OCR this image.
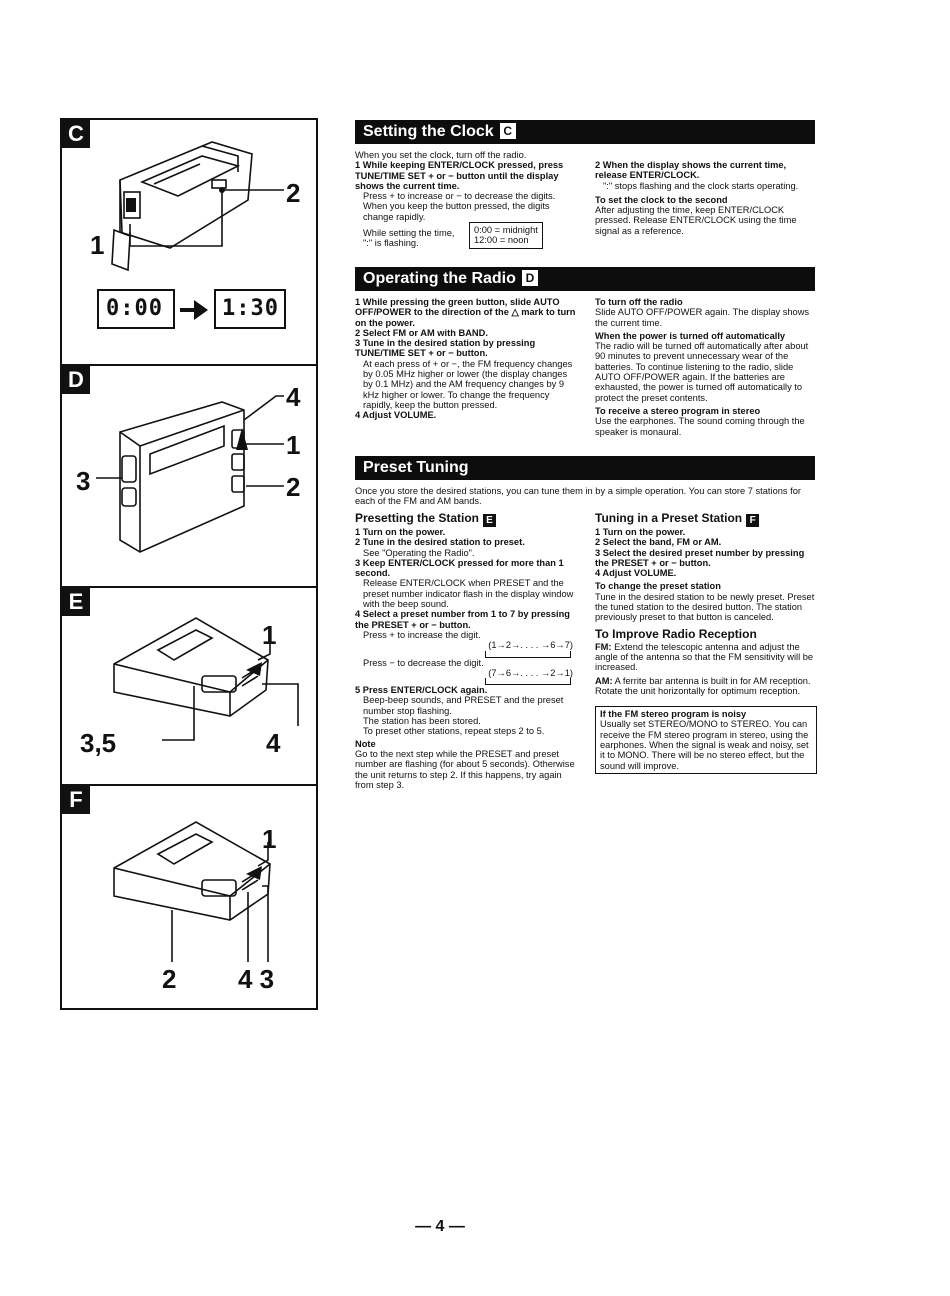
C
2
1
0:00	1:30
D
4
1
2
3
E
1
3,5	4
F
1
2 4 3
Setting the Clock C

When you set the clock, turn off the radio.

1 While keeping ENTER/CLOCK pressed, press TUNE/TIME SET + or − button until the display shows the current time.

Press + to increase or − to decrease the digits. When you keep the button pressed, the digits change rapidly.

While setting the time, ":" is flashing.

0:00 = midnight

12:00 = noon

2 When the display shows the current time, release ENTER/CLOCK.

":" stops flashing and the clock starts operating.

To set the clock to the second

After adjusting the time, keep ENTER/CLOCK pressed. Release ENTER/CLOCK using the time signal as a reference.

Operating the Radio D

1 While pressing the green button, slide AUTO OFF/POWER to the direction of the △ mark to turn on the power.

2 Select FM or AM with BAND.

3 Tune in the desired station by pressing TUNE/TIME SET + or − button.

At each press of + or −, the FM frequency changes by 0.05 MHz higher or lower (the display changes by 0.1 MHz) and the AM frequency changes by 9 kHz higher or lower. To change the frequency rapidly, keep the button pressed.

4 Adjust VOLUME.

To turn off the radio

Slide AUTO OFF/POWER again. The display shows the current time.

When the power is turned off automatically

The radio will be turned off automatically after about 90 minutes to prevent unnecessary wear of the batteries. To continue listening to the radio, slide AUTO OFF/POWER again. If the batteries are exhausted, the power is turned off automatically to protect the preset contents.

To receive a stereo program in stereo

Use the earphones. The sound coming through the speaker is monaural.

Preset Tuning

Once you store the desired stations, you can tune them in by a simple operation. You can store 7 stations for each of the FM and AM bands.

Presetting the Station E

1 Turn on the power.

2 Tune in the desired station to preset.

See "Operating the Radio".

3 Keep ENTER/CLOCK pressed for more than 1 second.

Release ENTER/CLOCK when PRESET and the preset number indicator flash in the display window with the beep sound.

4 Select a preset number from 1 to 7 by pressing the PRESET + or − button.

Press + to increase the digit.

(1→2→. . . . →6→7)

Press − to decrease the digit.

(7→6→. . . . →2→1)

5 Press ENTER/CLOCK again.

Beep-beep sounds, and PRESET and the preset number stop flashing.

The station has been stored.

To preset other stations, repeat steps 2 to 5.

Note

Go to the next step while the PRESET and preset number are flashing (for about 5 seconds). Otherwise the unit returns to step 2. If this happens, try again from step 3.

Tuning in a Preset Station F

1 Turn on the power.

2 Select the band, FM or AM.

3 Select the desired preset number by pressing the PRESET + or − button.

4 Adjust VOLUME.

To change the preset station

Tune in the desired station to be newly preset. Preset the tuned station to the desired button. The station previously preset to that button is canceled.

To Improve Radio Reception

FM: Extend the telescopic antenna and adjust the angle of the antenna so that the FM sensitivity will be increased.

AM: A ferrite bar antenna is built in for AM reception. Rotate the unit horizontally for optimum reception.

If the FM stereo program is noisy

Usually set STEREO/MONO to STEREO. You can receive the FM stereo program in stereo, using the earphones. When the signal is weak and noisy, set it to MONO. There will be no stereo effect, but the sound will improve.

— 4 —
